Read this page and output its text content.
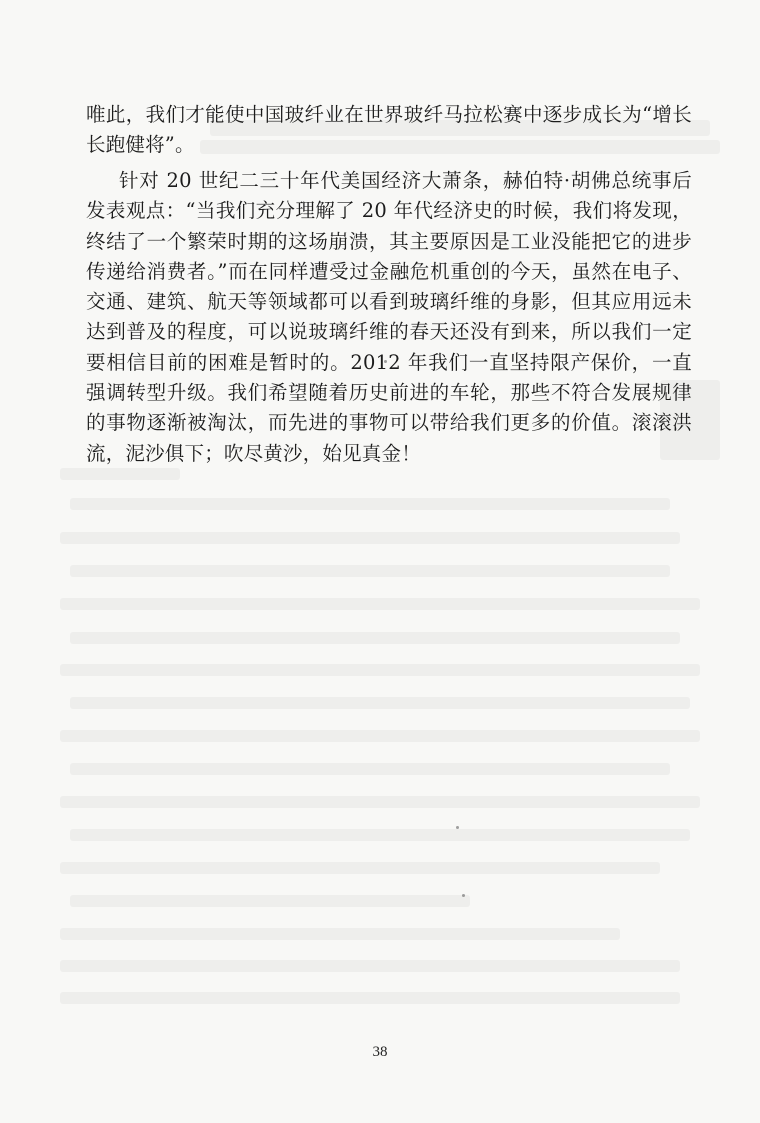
唯此，我们才能使中国玻纤业在世界玻纤马拉松赛中逐步成长为“增长长跑健将”。

针对 20 世纪二三十年代美国经济大萧条，赫伯特·胡佛总统事后发表观点：“当我们充分理解了 20 年代经济史的时候，我们将发现，终结了一个繁荣时期的这场崩溃，其主要原因是工业没能把它的进步传递给消费者。”而在同样遭受过金融危机重创的今天，虽然在电子、交通、建筑、航天等领域都可以看到玻璃纤维的身影，但其应用远未达到普及的程度，可以说玻璃纤维的春天还没有到来，所以我们一定要相信目前的困难是暂时的。2012 年我们一直坚持限产保价，一直强调转型升级。我们希望随着历史前进的车轮，那些不符合发展规律的事物逐渐被淘汰，而先进的事物可以带给我们更多的价值。滚滚洪流，泥沙俱下；吹尽黄沙，始见真金！

38
